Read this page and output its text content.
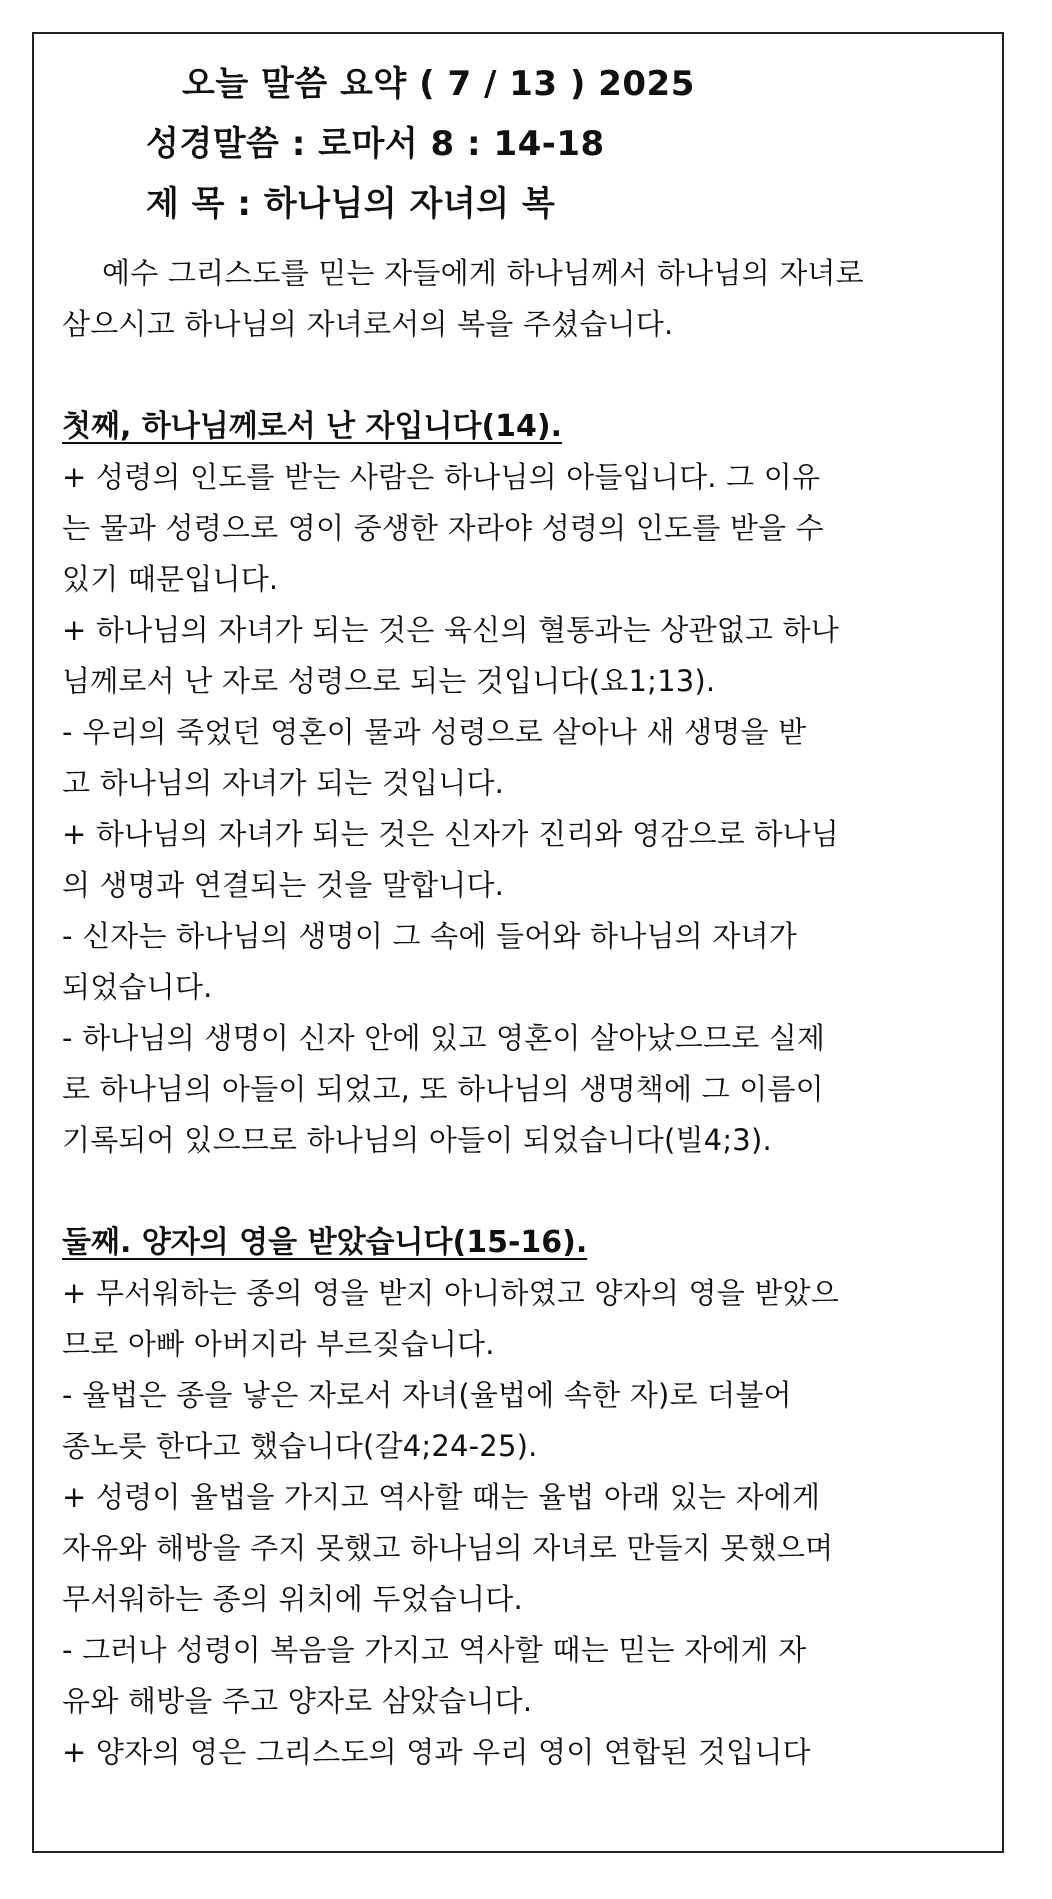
오늘 말씀 요약 ( 7 / 13 ) 2025
성경말씀 : 로마서 8 : 14-18
제 목 : 하나님의 자녀의 복
예수 그리스도를 믿는 자들에게 하나님께서 하나님의 자녀로
삼으시고 하나님의 자녀로서의 복을 주셨습니다.
첫째, 하나님께로서 난 자입니다(14).
+ 성령의 인도를 받는 사람은 하나님의 아들입니다. 그 이유
는 물과 성령으로 영이 중생한 자라야 성령의 인도를 받을 수
있기 때문입니다.
+ 하나님의 자녀가 되는 것은 육신의 혈통과는 상관없고 하나
님께로서 난 자로 성령으로 되는 것입니다(요1;13).
- 우리의 죽었던 영혼이 물과 성령으로 살아나 새 생명을 받
고 하나님의 자녀가 되는 것입니다.
+ 하나님의 자녀가 되는 것은 신자가 진리와 영감으로 하나님
의 생명과 연결되는 것을 말합니다.
- 신자는 하나님의 생명이 그 속에 들어와 하나님의 자녀가
되었습니다.
- 하나님의 생명이 신자 안에 있고 영혼이 살아났으므로 실제
로 하나님의 아들이 되었고, 또 하나님의 생명책에 그 이름이
기록되어 있으므로 하나님의 아들이 되었습니다(빌4;3).
둘째. 양자의 영을 받았습니다(15-16).
+ 무서워하는 종의 영을 받지 아니하였고 양자의 영을 받았으
므로 아빠 아버지라 부르짖습니다.
- 율법은 종을 낳은 자로서 자녀(율법에 속한 자)로 더불어
종노릇 한다고 했습니다(갈4;24-25).
+ 성령이 율법을 가지고 역사할 때는 율법 아래 있는 자에게
자유와 해방을 주지 못했고 하나님의 자녀로 만들지 못했으며
무서워하는 종의 위치에 두었습니다.
- 그러나 성령이 복음을 가지고 역사할 때는 믿는 자에게 자
유와 해방을 주고 양자로 삼았습니다.
+ 양자의 영은 그리스도의 영과 우리 영이 연합된 것입니다
